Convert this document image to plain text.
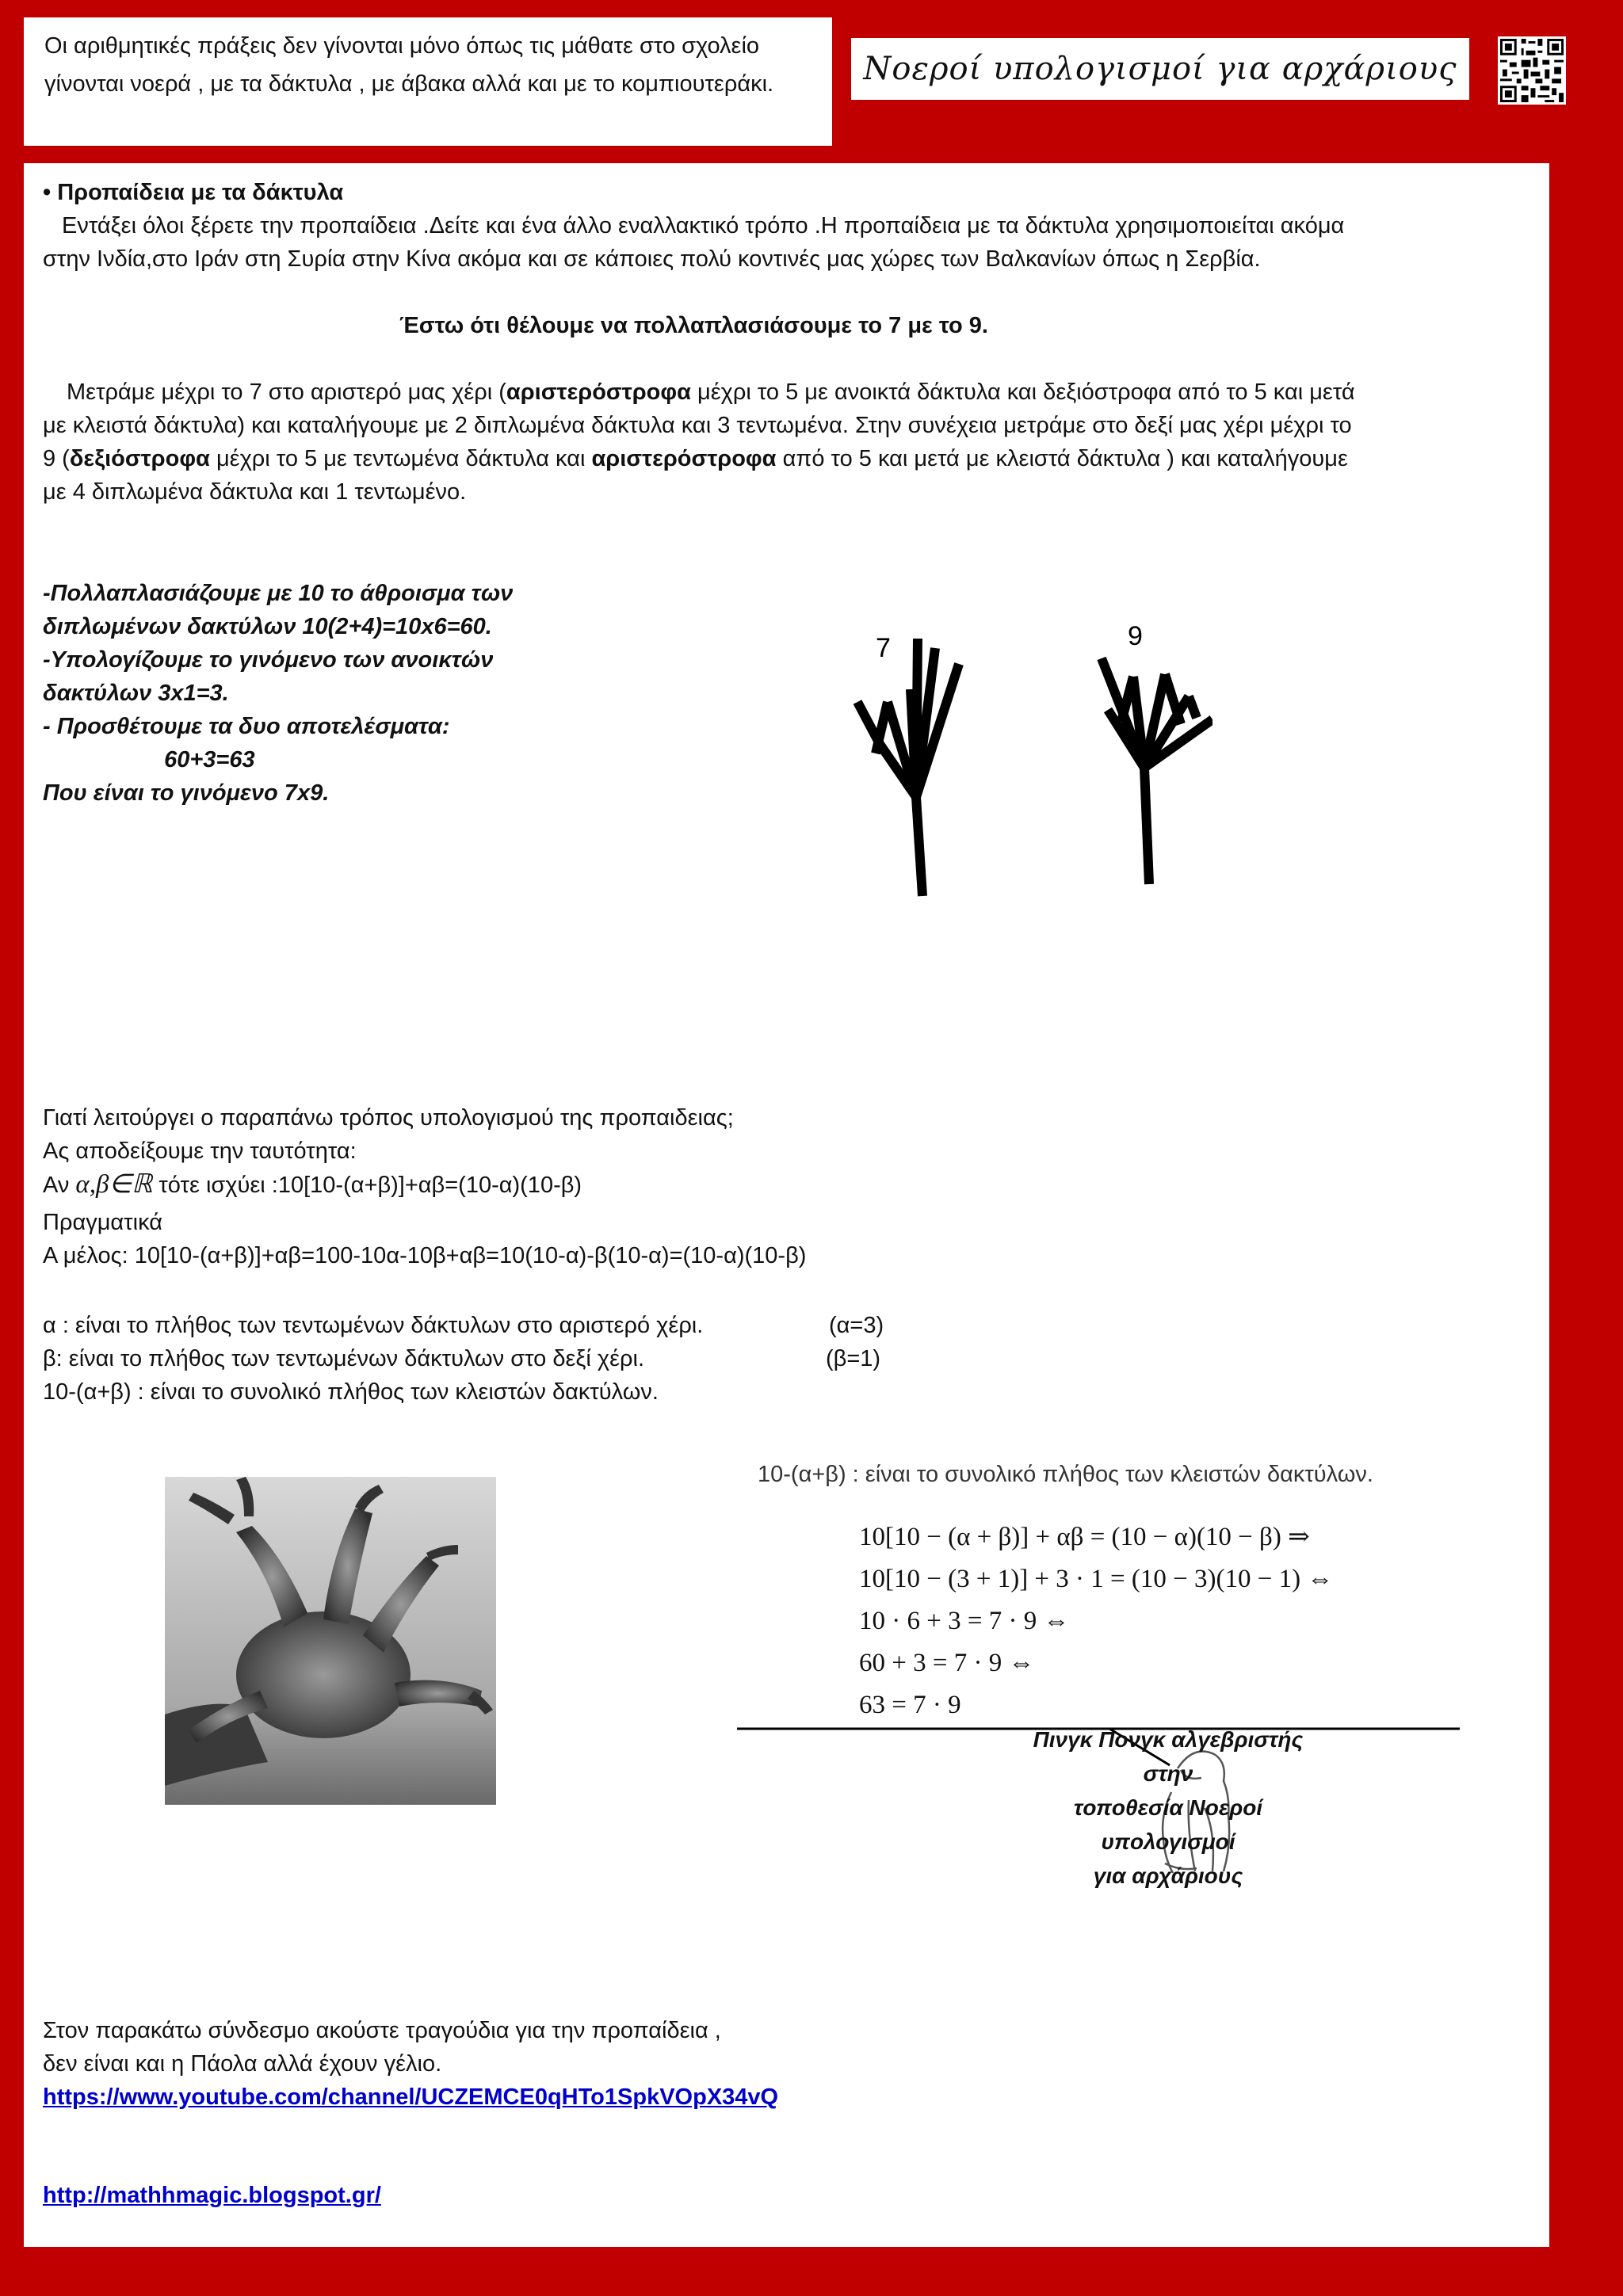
Οι αριθμητικές πράξεις δεν γίνονται μόνο όπως τις μάθατε στο σχολείο γίνονται νοερά , με τα δάκτυλα , με άβακα αλλά και με το κομπιουτεράκι.	Νοεροί υπολογισμοί για αρχάριους
• Προπαίδεια με τα δάκτυλα
Εντάξει όλοι ξέρετε την προπαίδεια .Δείτε και ένα άλλο εναλλακτικό τρόπο .Η προπαίδεια με τα δάκτυλα χρησιμοποιείται ακόμα
στην Ινδία,στο Ιράν στη Συρία στην Κίνα ακόμα και σε κάποιες πολύ κοντινές μας χώρες των Βαλκανίων όπως η Σερβία.
Έστω ότι θέλουμε να πολλαπλασιάσουμε το 7 με το 9.
Μετράμε μέχρι το 7 στο αριστερό μας χέρι (αριστερόστροφα μέχρι το 5 με ανοικτά δάκτυλα και δεξιόστροφα από το 5 και μετά
με κλειστά δάκτυλα) και καταλήγουμε με 2 διπλωμένα δάκτυλα και 3 τεντωμένα. Στην συνέχεια μετράμε στο δεξί μας χέρι μέχρι το
9 (δεξιόστροφα μέχρι το 5 με τεντωμένα δάκτυλα και αριστερόστροφα από το 5 και μετά με κλειστά δάκτυλα ) και καταλήγουμε
με 4 διπλωμένα δάκτυλα και 1 τεντωμένο.
-Πολλαπλασιάζουμε με 10 το άθροισμα των
διπλωμένων δακτύλων 10(2+4)=10x6=60.
-Υπολογίζουμε το γινόμενο των ανοικτών
δακτύλων 3x1=3.
- Προσθέτουμε τα δυο αποτελέσματα:
60+3=63
Που είναι το γινόμενο 7x9.
7	9
Γιατί λειτούργει ο παραπάνω τρόπος υπολογισμού της προπαιδειας;
Ας αποδείξουμε την ταυτότητα:
Αν α,β∈ℝ τότε ισχύει :10[10-(α+β)]+αβ=(10-α)(10-β)
Πραγματικά
Α μέλος: 10[10-(α+β)]+αβ=100-10α-10β+αβ=10(10-α)-β(10-α)=(10-α)(10-β)
α : είναι το πλήθος των τεντωμένων δάκτυλων στο αριστερό χέρι.	(α=3)
β: είναι το πλήθος των τεντωμένων δάκτυλων στο δεξί χέρι.	(β=1)
10-(α+β) : είναι το συνολικό πλήθος των κλειστών δακτύλων.
10-(α+β) : είναι το συνολικό πλήθος των κλειστών δακτύλων.
10[10 − (α + β)] + αβ = (10 − α)(10 − β) ⇒
10[10 − (3 + 1)] + 3 · 1 = (10 − 3)(10 − 1) ⇔
10 · 6 + 3 = 7 · 9 ⇔
60 + 3 = 7 · 9 ⇔
63 = 7 · 9
Πινγκ Πονγκ αλγεβριστής στην
τοποθεσία Νοεροί υπολογισμοί
για αρχάριους
Στον παρακάτω σύνδεσμο ακούστε τραγούδια για την προπαίδεια ,
δεν είναι και η Πάολα αλλά έχουν γέλιο.
https://www.youtube.com/channel/UCZEMCE0qHTo1SpkVOpX34vQ
http://mathhmagic.blogspot.gr/
